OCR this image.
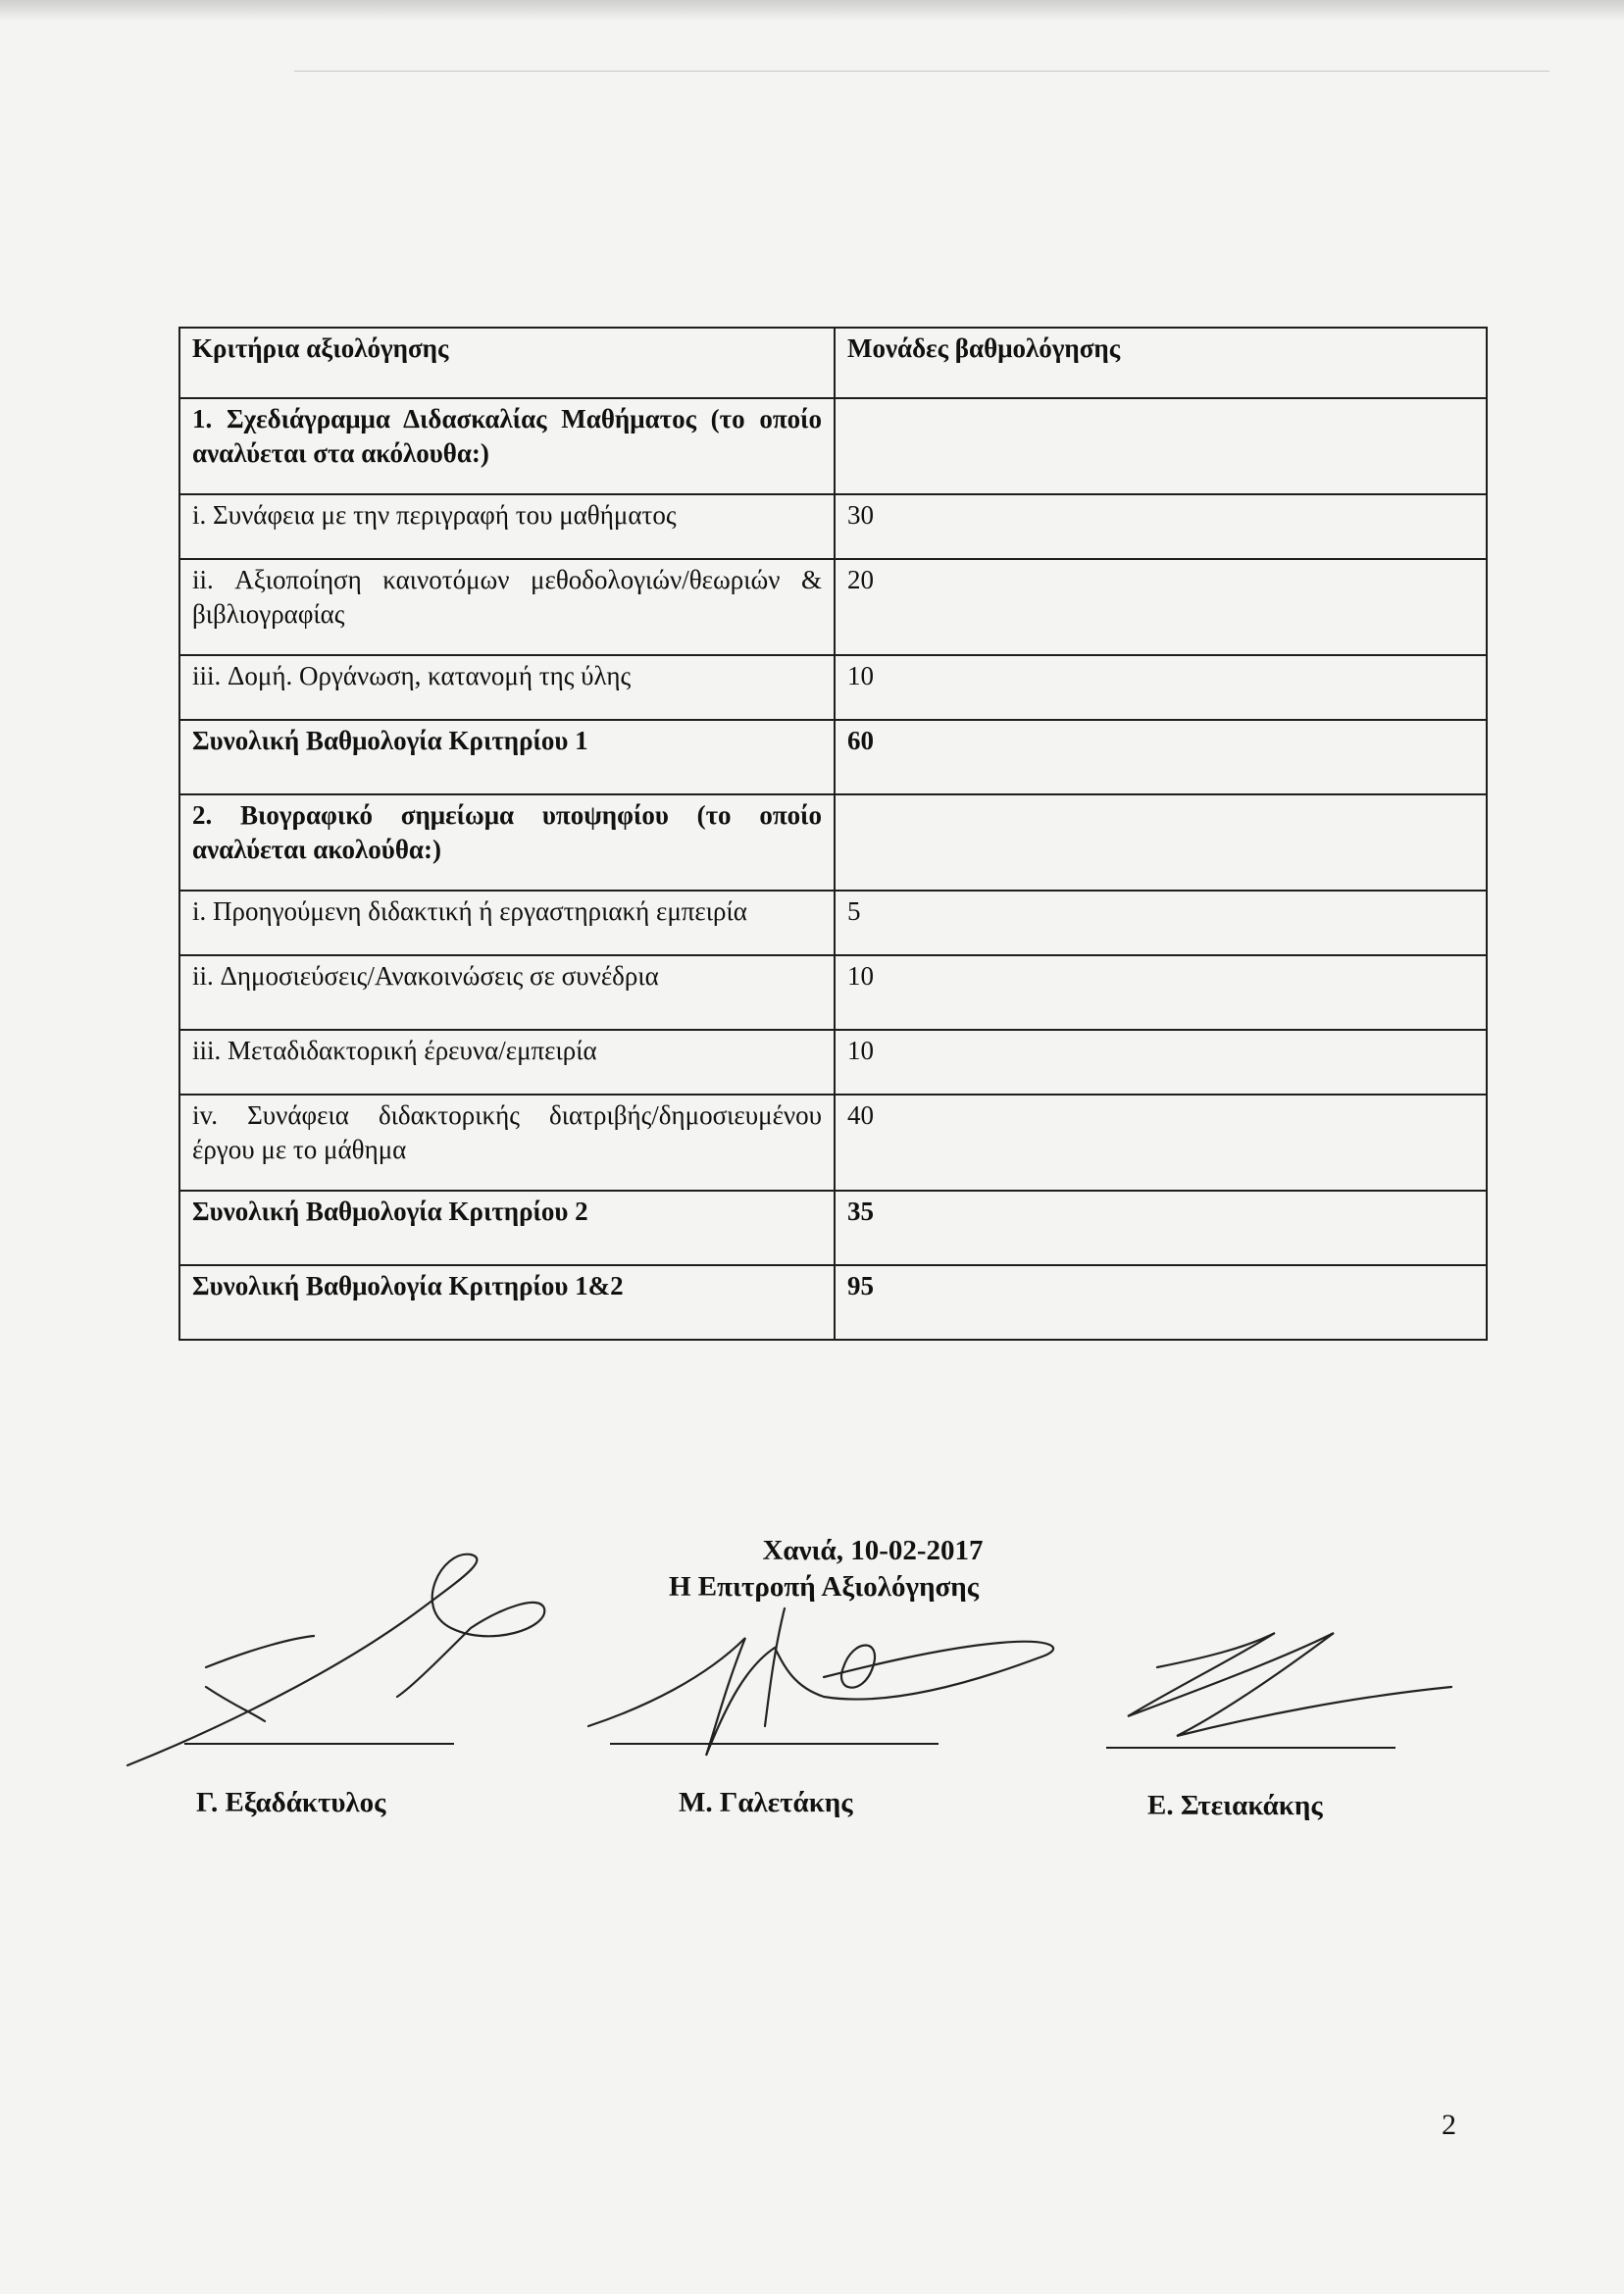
Κριτήρια αξιολόγησης	Μονάδες βαθμολόγησης
1. Σχεδιάγραμμα Διδασκαλίας Μαθήματος (το οποίο αναλύεται στα ακόλουθα:)	
i. Συνάφεια με την περιγραφή του μαθήματος	30
ii. Αξιοποίηση καινοτόμων μεθοδολογιών/θεωριών & βιβλιογραφίας	20
iii. Δομή. Οργάνωση, κατανομή της ύλης	10
Συνολική Βαθμολογία Κριτηρίου 1	60
2. Βιογραφικό σημείωμα υποψηφίου (το οποίο αναλύεται ακολούθα:)	
i. Προηγούμενη διδακτική ή εργαστηριακή εμπειρία	5
ii. Δημοσιεύσεις/Ανακοινώσεις σε συνέδρια	10
iii. Μεταδιδακτορική έρευνα/εμπειρία	10
iv. Συνάφεια διδακτορικής διατριβής/δημοσιευμένου έργου με το μάθημα	40
Συνολική Βαθμολογία Κριτηρίου 2	35
Συνολική Βαθμολογία Κριτηρίου 1&2	95
Χανιά, 10-02-2017
Η Επιτροπή Αξιολόγησης
Γ. Εξαδάκτυλος	Μ. Γαλετάκης	Ε. Στειακάκης
2
